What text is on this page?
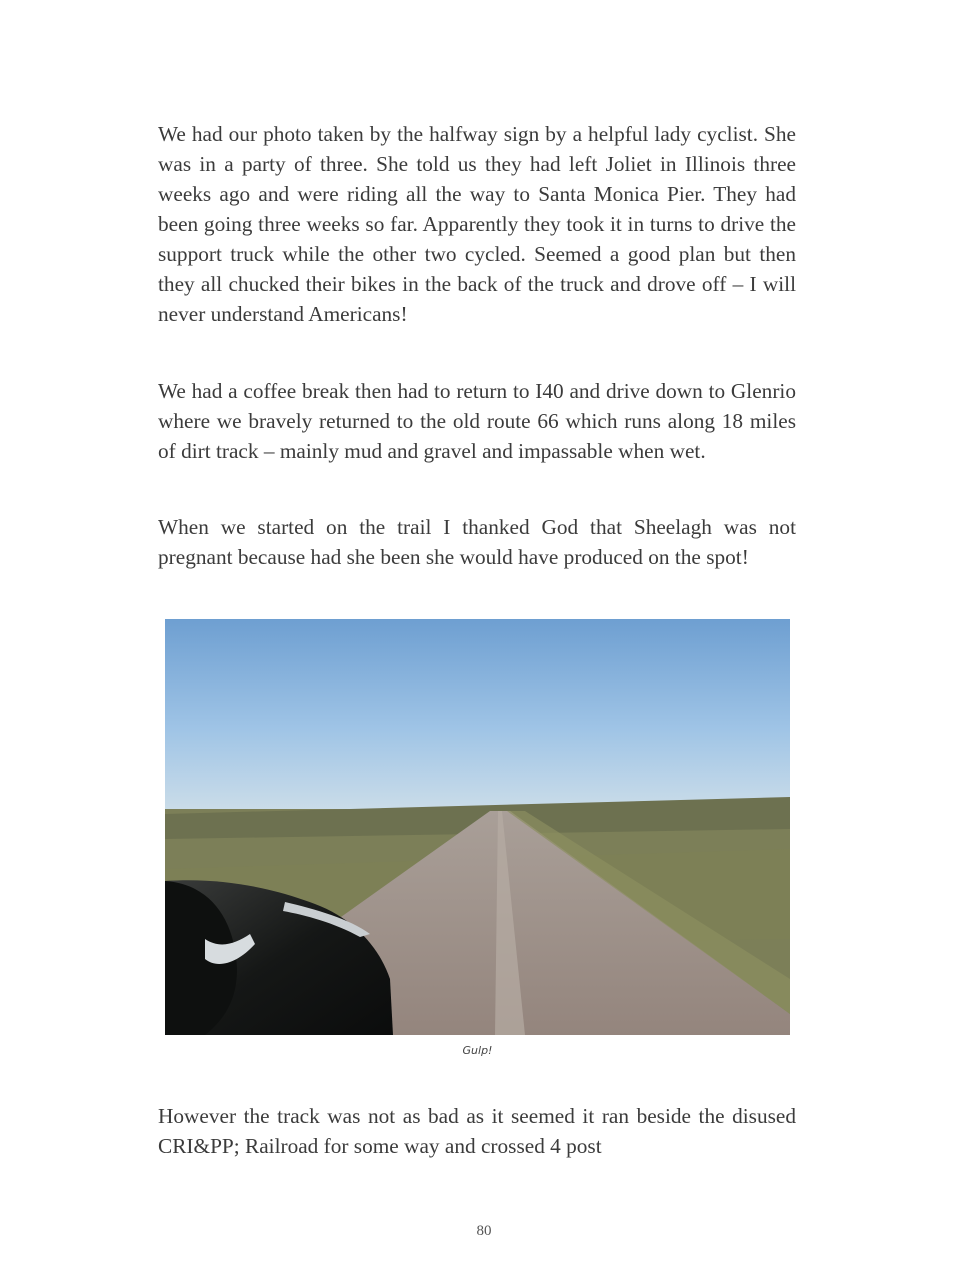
We had our photo taken by the halfway sign by a helpful lady cyclist. She was in a party of three. She told us they had left Joliet in Illinois three weeks ago and were riding all the way to Santa Monica Pier. They had been going three weeks so far. Apparently they took it in turns to drive the support truck while the other two cycled. Seemed a good plan but then they all chucked their bikes in the back of the truck and drove off – I will never understand Americans!

We had a coffee break then had to return to I40 and drive down to Glenrio where we bravely returned to the old route 66 which runs along 18 miles of dirt track – mainly mud and gravel and impassable when wet.

When we started on the trail I thanked God that Sheelagh was not pregnant because had she been she would have produced on the spot!

Gulp!

However the track was not as bad as it seemed it ran beside the disused CRI&PP; Railroad for some way and crossed 4 post

80
